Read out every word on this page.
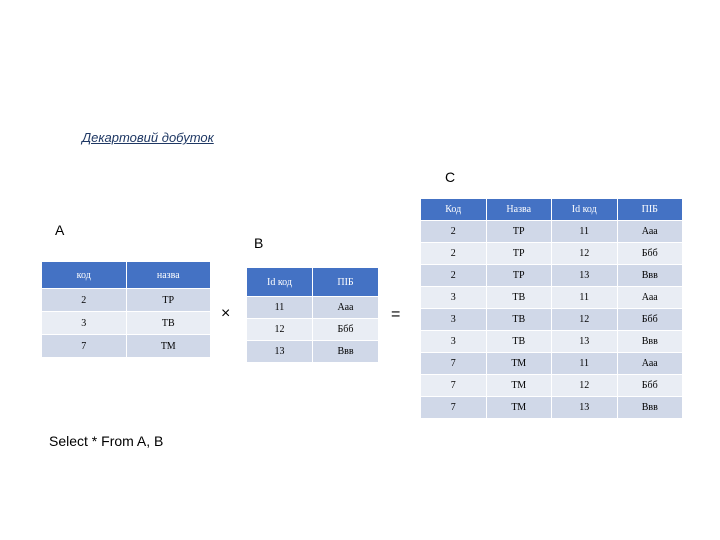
Декартовий добуток
A
B
C
×	=
код	назва
2	ТР
3	ТВ
7	ТМ
Id код	ПІБ
11	Ааа
12	Ббб
13	Ввв
Код	Назва	Id код	ПІБ
2	ТР	11	Ааа
2	ТР	12	Ббб
2	ТР	13	Ввв
3	ТВ	11	Ааа
3	ТВ	12	Ббб
3	ТВ	13	Ввв
7	ТМ	11	Ааа
7	ТМ	12	Ббб
7	ТМ	13	Ввв
Select * From A, B
